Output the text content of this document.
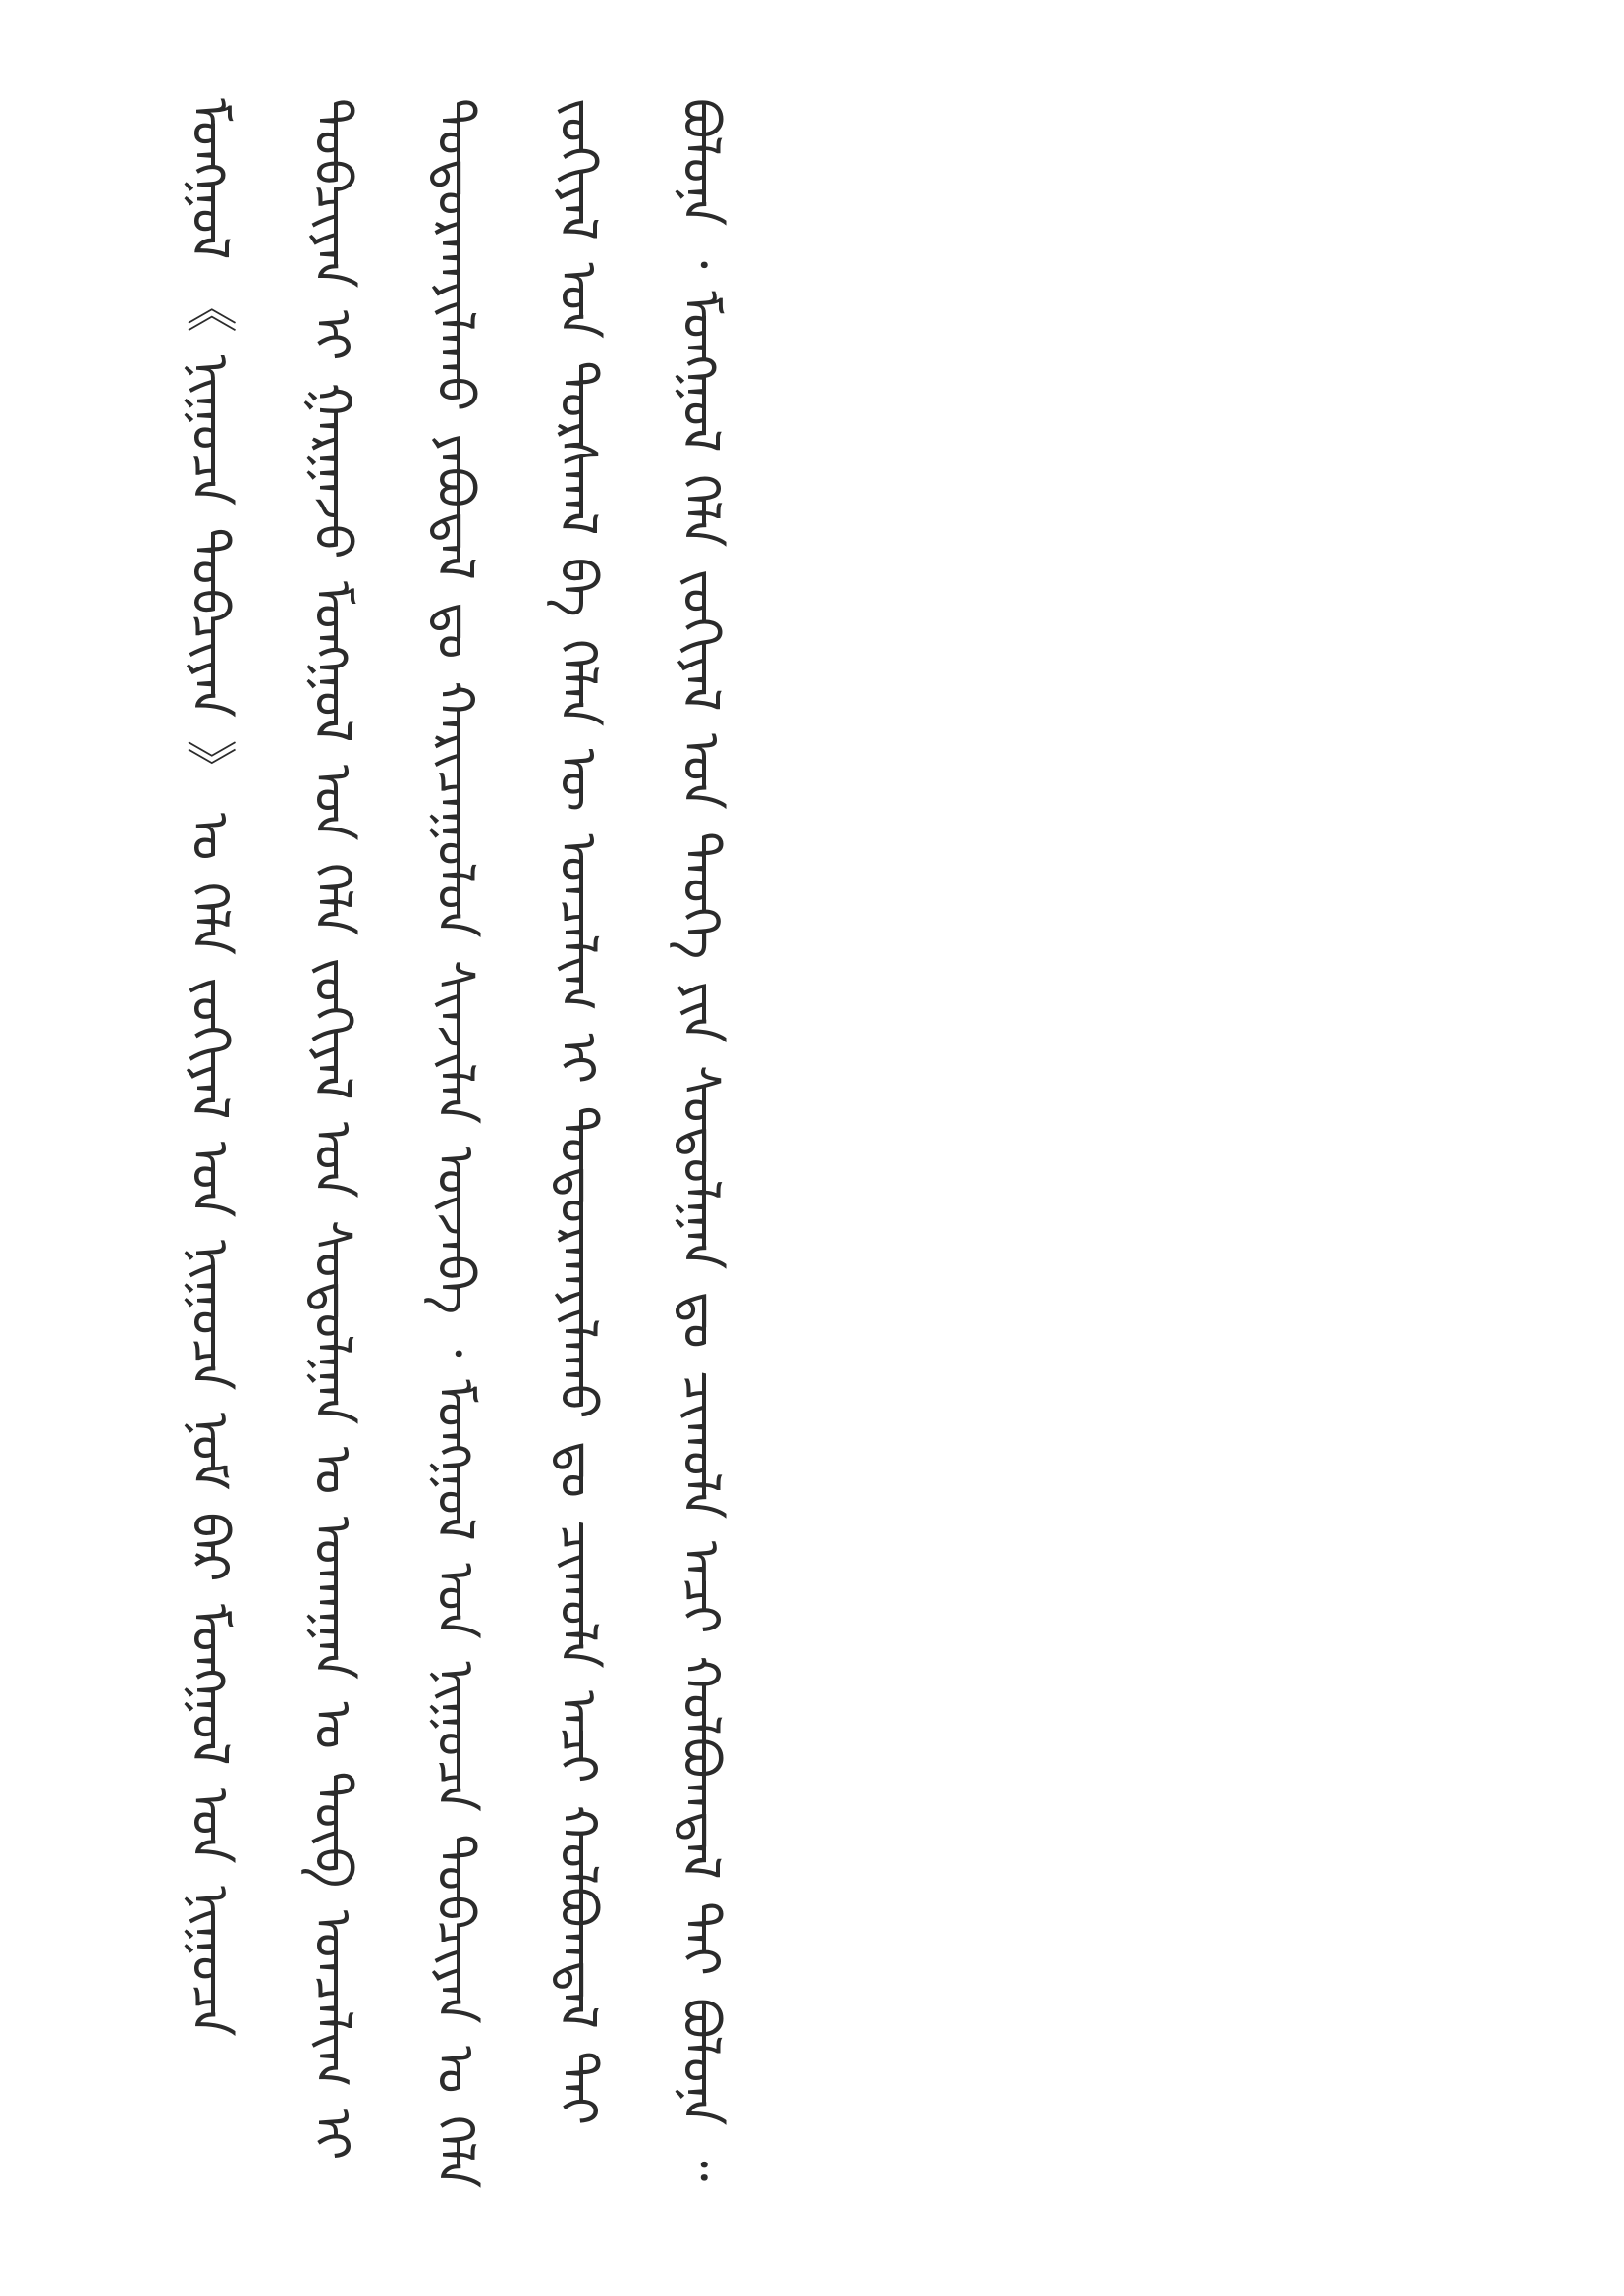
ᠮᠣᠩᠭᠣᠯ 《 ᠨᠢᠭᠤᠴᠠ ᠲᠣᠪᠴᠢᠶᠠᠨ 》 ᠤ ᠬᠡᠯᠡ ᠵᠣᠬᠢᠶᠠᠯ ᠤᠨ ᠨᠢᠭᠤᠴᠠ ᠨᠤᠮ ᠪᠡᠷ ᠮᠣᠩᠭᠣᠯ ᠤᠨ ᠨᠢᠭᠤᠴᠠ ᠲᠣᠪᠴᠢᠶᠠᠨ ᠢ ᠭᠠᠷᠭᠠᠵᠤ ᠮᠣᠩᠭᠣᠯ ᠤᠨ ᠬᠡᠯᠡ ᠵᠣᠬᠢᠶᠠᠯ ᠤᠨ ᠰᠤᠳᠤᠯᠭᠠᠨ ᠤ ᠤᠬᠠᠭᠠᠨ ᠤ ᠲᠦᠪ ᠣᠨᠴᠠᠯᠢᠭ ᠢ ᠲᠣᠳᠣᠷᠬᠠᠶᠢᠯᠠᠬᠤ ᠶᠠᠪᠤᠳᠠᠯ ᠳᠤ ᠬᠠᠷᠢᠴᠠᠭᠤᠯᠤᠨ ᠰᠢᠨᠵᠢᠯᠡᠨ ᠦᠵᠡᠪᠡ ᠂ ᠮᠣᠩᠭᠣᠯ ᠤᠨ ᠨᠢᠭᠤᠴᠠ ᠲᠣᠪᠴᠢᠶᠠᠨ ᠤ ᠬᠡᠯᠡ ᠵᠣᠬᠢᠶᠠᠯ ᠤᠨ ᠳᠤᠷᠰᠬᠠᠯ ᠪᠠ ᠬᠡᠯᠡᠨ ᠦ ᠣᠨᠴᠠᠯᠢᠭ ᠢ ᠲᠣᠳᠣᠷᠬᠠᠶᠢᠯᠠᠬᠤ ᠳᠤ ᠴᠢᠬᠤᠯᠠ ᠠᠴᠢ ᠬᠣᠯᠪᠣᠭᠳᠠᠯ ᠲᠠᠢ ᠪᠣᠯᠤᠨᠠ ᠂ ᠮᠣᠩᠭᠣᠯ ᠬᠡᠯᠡ ᠵᠣᠬᠢᠶᠠᠯ ᠤᠨ ᠲᠡᠦᠬᠡ ᠶᠢᠨ ᠰᠤᠳᠤᠯᠭᠠᠨ ᠳᠤ ᠴᠢᠬᠤᠯᠠ ᠠᠴᠢ ᠬᠣᠯᠪᠣᠭᠳᠠᠯ ᠲᠠᠢ ᠪᠣᠯᠤᠨᠠ ᠃
